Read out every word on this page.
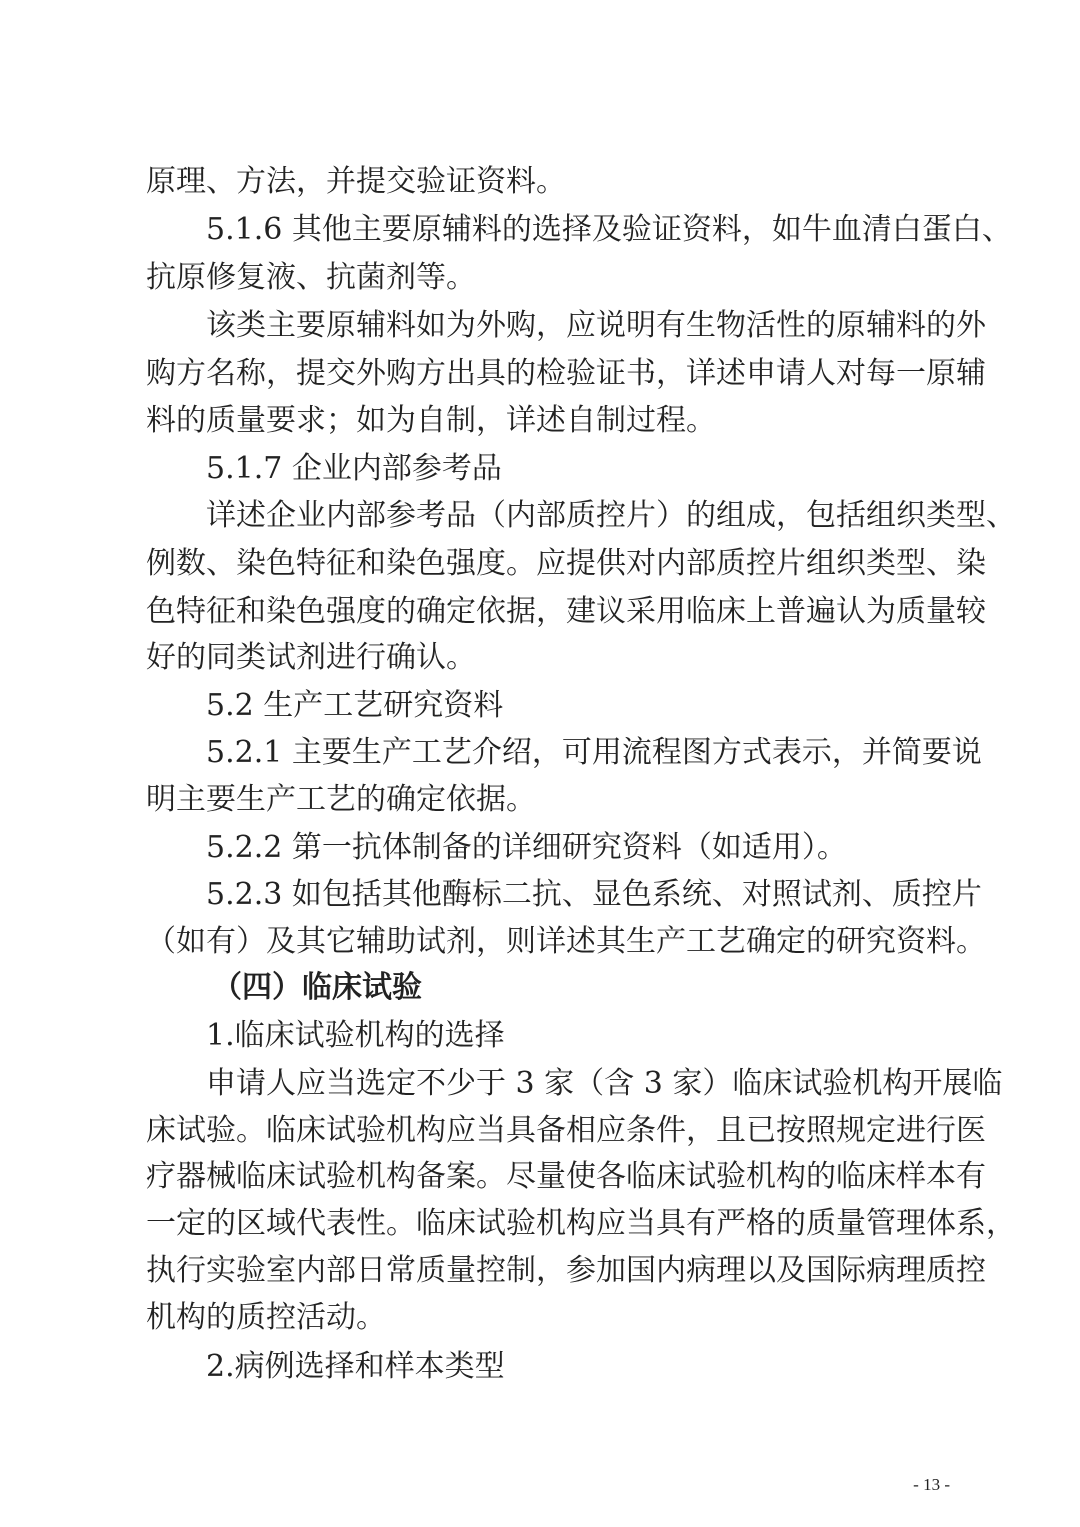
原理、方法，并提交验证资料。
5.1.6 其他主要原辅料的选择及验证资料，如牛血清白蛋白、
抗原修复液、抗菌剂等。
该类主要原辅料如为外购，应说明有生物活性的原辅料的外
购方名称，提交外购方出具的检验证书，详述申请人对每一原辅
料的质量要求；如为自制，详述自制过程。
5.1.7 企业内部参考品
详述企业内部参考品（内部质控片）的组成，包括组织类型、
例数、染色特征和染色强度。应提供对内部质控片组织类型、染
色特征和染色强度的确定依据，建议采用临床上普遍认为质量较
好的同类试剂进行确认。
5.2 生产工艺研究资料
5.2.1 主要生产工艺介绍，可用流程图方式表示，并简要说
明主要生产工艺的确定依据。
5.2.2 第一抗体制备的详细研究资料（如适用）。
5.2.3 如包括其他酶标二抗、显色系统、对照试剂、质控片
（如有）及其它辅助试剂，则详述其生产工艺确定的研究资料。
（四）临床试验
1.临床试验机构的选择
申请人应当选定不少于 3 家（含 3 家）临床试验机构开展临
床试验。临床试验机构应当具备相应条件，且已按照规定进行医
疗器械临床试验机构备案。尽量使各临床试验机构的临床样本有
一定的区域代表性。临床试验机构应当具有严格的质量管理体系，
执行实验室内部日常质量控制，参加国内病理以及国际病理质控
机构的质控活动。
2.病例选择和样本类型
- 13 -
